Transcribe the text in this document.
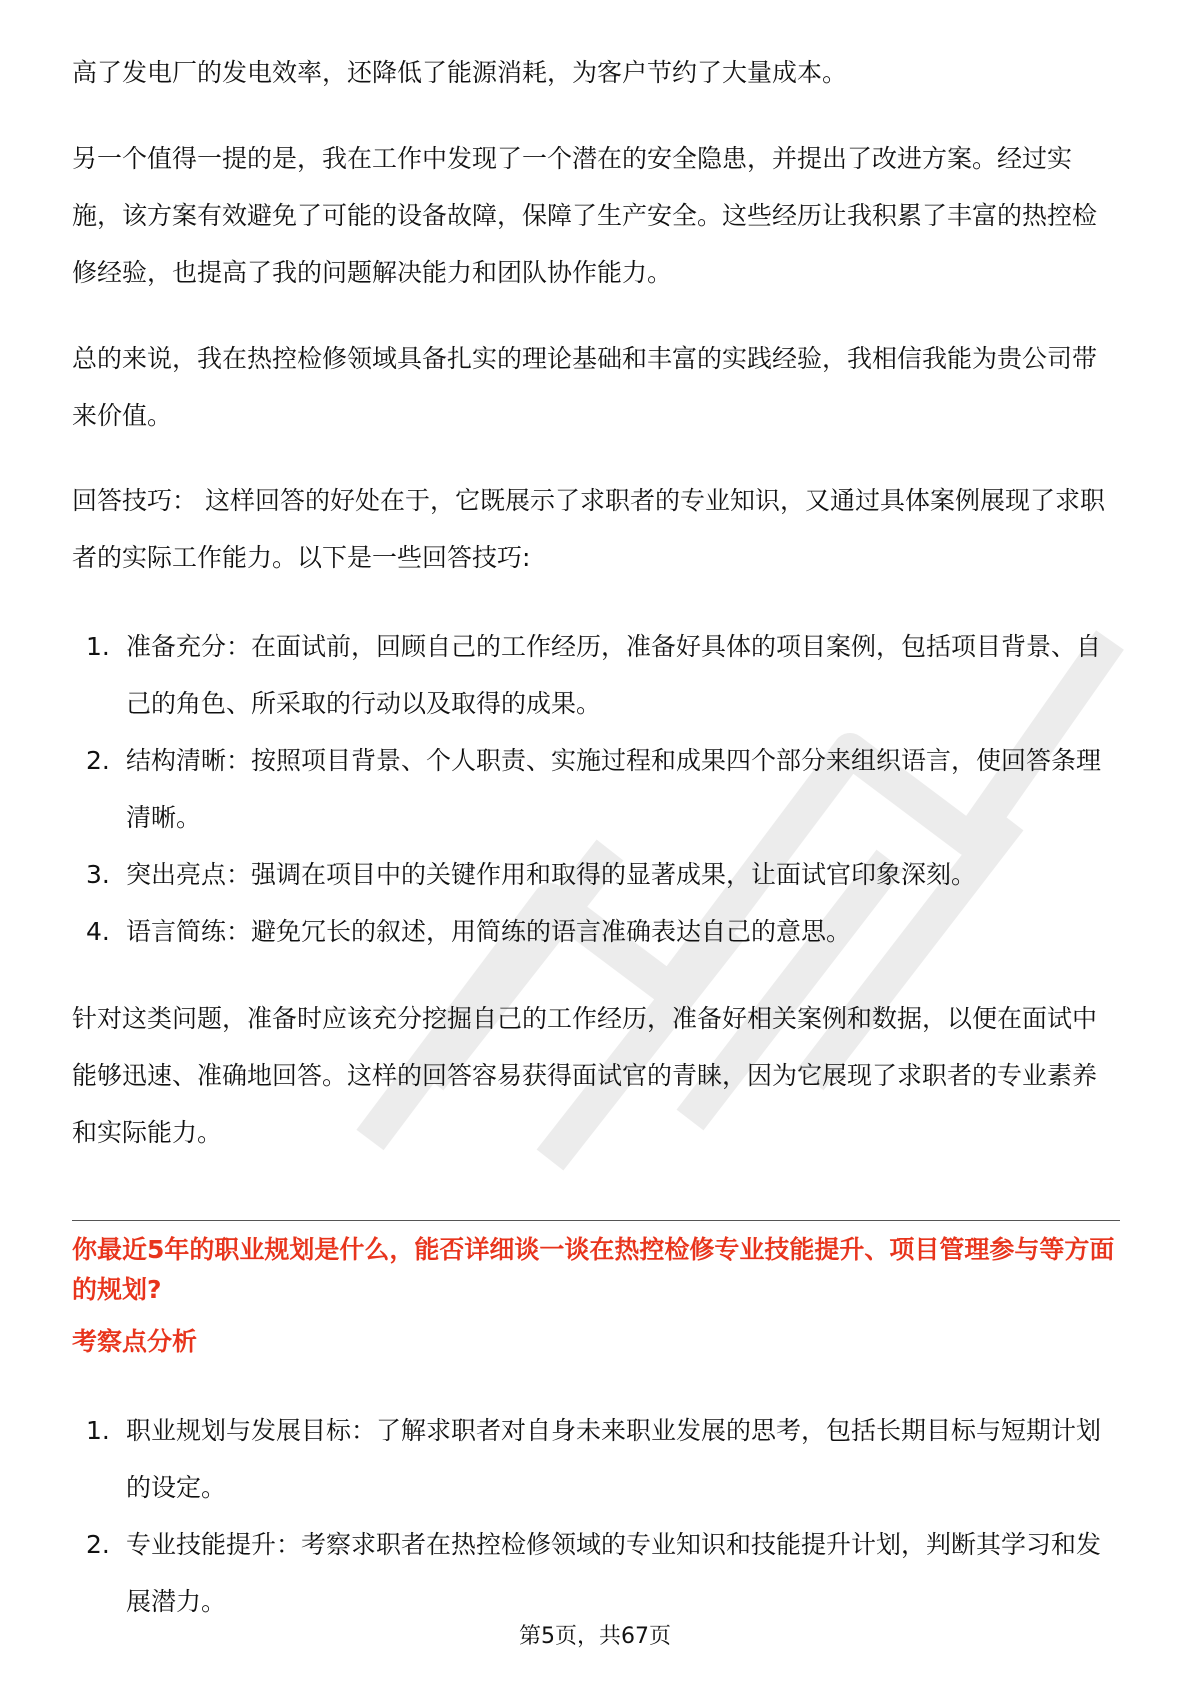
高了发电厂的发电效率，还降低了能源消耗，为客户节约了大量成本。

另一个值得一提的是，我在工作中发现了一个潜在的安全隐患，并提出了改进方案。经过实施，该方案有效避免了可能的设备故障，保障了生产安全。这些经历让我积累了丰富的热控检修经验，也提高了我的问题解决能力和团队协作能力。

总的来说，我在热控检修领域具备扎实的理论基础和丰富的实践经验，我相信我能为贵公司带来价值。

回答技巧： 这样回答的好处在于，它既展示了求职者的专业知识，又通过具体案例展现了求职者的实际工作能力。以下是一些回答技巧:

1. 准备充分：在面试前，回顾自己的工作经历，准备好具体的项目案例，包括项目背景、自己的角色、所采取的行动以及取得的成果。
2. 结构清晰：按照项目背景、个人职责、实施过程和成果四个部分来组织语言，使回答条理清晰。
3. 突出亮点：强调在项目中的关键作用和取得的显著成果，让面试官印象深刻。
4. 语言简练：避免冗长的叙述，用简练的语言准确表达自己的意思。

针对这类问题，准备时应该充分挖掘自己的工作经历，准备好相关案例和数据，以便在面试中能够迅速、准确地回答。这样的回答容易获得面试官的青睐，因为它展现了求职者的专业素养和实际能力。

你最近5年的职业规划是什么，能否详细谈一谈在热控检修专业技能提升、项目管理参与等方面的规划?

考察点分析

1. 职业规划与发展目标：了解求职者对自身未来职业发展的思考，包括长期目标与短期计划的设定。
2. 专业技能提升：考察求职者在热控检修领域的专业知识和技能提升计划，判断其学习和发展潜力。
第5页，共67页
